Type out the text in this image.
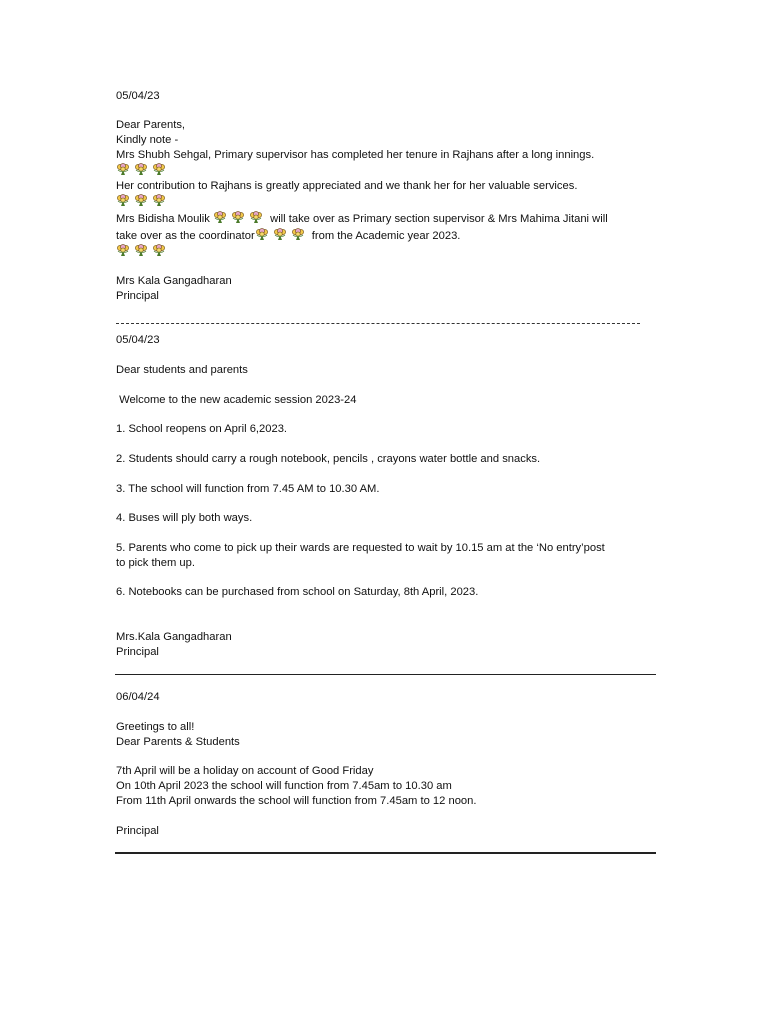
05/04/23
Dear Parents,
Kindly note -
Mrs Shubh Sehgal, Primary supervisor has completed her tenure in Rajhans after a long innings.
Her contribution to Rajhans is greatly appreciated and we thank her for her valuable services.
Mrs Bidisha Moulik	will take over as Primary section supervisor & Mrs Mahima Jitani will
take over as the coordinator	from the Academic year 2023.
Mrs Kala Gangadharan
Principal
05/04/23
Dear students and parents
Welcome to the new academic session 2023-24
1. School reopens on April 6,2023.
2. Students should carry a rough notebook, pencils , crayons water bottle and snacks.
3. The school will function from 7.45 AM to 10.30 AM.
4. Buses will ply both ways.
5. Parents who come to pick up their wards are requested to wait by 10.15 am at the ‘No entry’post
to pick them up.
6. Notebooks can be purchased from school on Saturday, 8th April, 2023.
Mrs.Kala Gangadharan
Principal
06/04/24
Greetings to all!
Dear Parents & Students
7th April will be a holiday on account of Good Friday
On 10th April 2023 the school will function from 7.45am to 10.30 am
From 11th April onwards the school will function from 7.45am to 12 noon.
Principal
